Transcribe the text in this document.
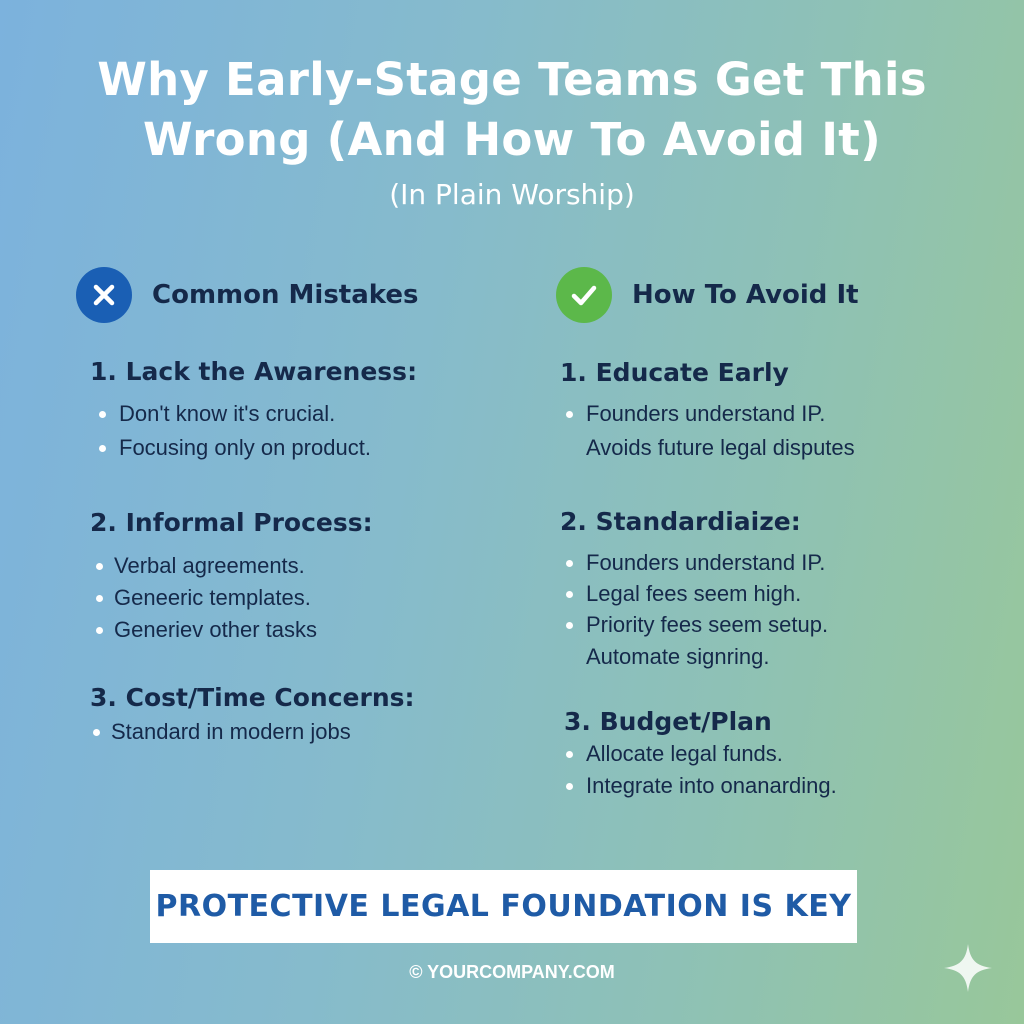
Why Early-Stage Teams Get This
Wrong (And How To Avoid It)
(In Plain Worship)
Common Mistakes	How To Avoid It
1. Lack the Awareness:
Don't know it's crucial.
Focusing only on product.
2. Informal Process:
Verbal agreements.
Geneeric templates.
Generiev other tasks
3. Cost/Time Concerns:
Standard in modern jobs
1. Educate Early
Founders understand IP.
Avoids future legal disputes
2. Standardiaize:
Founders understand IP.
Legal fees seem high.
Priority fees seem setup.
Automate signring.
3. Budget/Plan
Allocate legal funds.
Integrate into onanarding.
PROTECTIVE LEGAL FOUNDATION IS KEY
© YOURCOMPANY.COM
